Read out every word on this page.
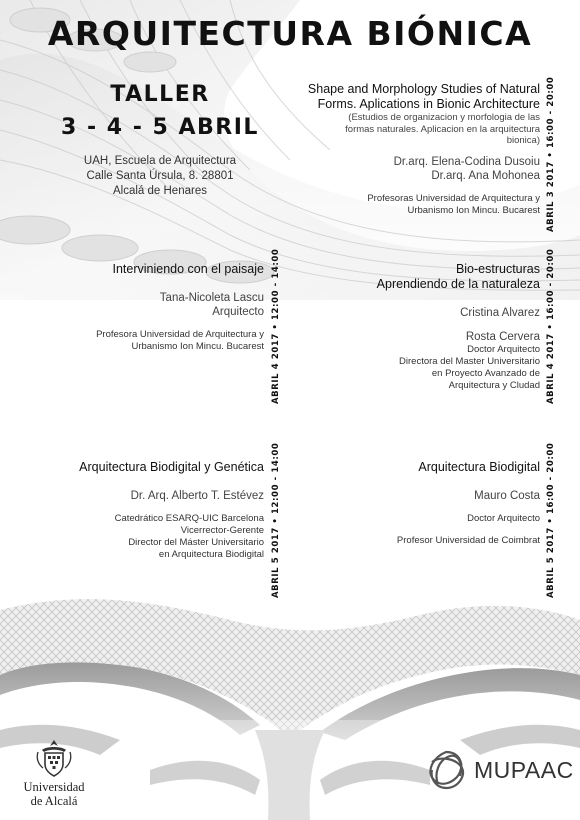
ARQUITECTURA BIÓNICA
TALLER
3 - 4 - 5 ABRIL
UAH, Escuela de Arquitectura
Calle Santa Úrsula, 8. 28801
Alcalá de Henares
Shape and Morphology Studies of Natural
Forms. Aplications in Bionic Architecture
(Estudios de organizacion y morfologia de las
formas naturales. Aplicacion en la arquitectura
bionica)
Dr.arq. Elena-Codina Dusoiu
Dr.arq. Ana Mohonea
Profesoras Universidad de Arquitectura y
Urbanismo Ion Mincu. Bucarest ABRIL 3 2017 • 16:00 - 20:00
Interviniendo con el paisaje
Tana-Nicoleta Lascu
Arquitecto
Profesora Universidad de Arquitectura y
Urbanismo Ion Mincu. Bucarest ABRIL 4 2017 • 12:00 - 14:00	Bio-estructuras
Aprendiendo de la naturaleza
Cristina Alvarez
Rosta Cervera
Doctor Arquitecto
Directora del Master Universitario
en Proyecto Avanzado de
Arquitectura y Cludad ABRIL 4 2017 • 16:00 - 20:00
Arquitectura Biodigital y Genética
Dr. Arq. Alberto T. Estévez
Catedrático ESARQ-UIC Barcelona
Vicerrector-Gerente
Director del Máster Universitario
en Arquitectura Biodigital ABRIL 5 2017 • 12:00 - 14:00	Arquitectura Biodigital
Mauro Costa
Doctor Arquitecto
Profesor Universidad de Coimbrat ABRIL 5 2017 • 16:00 - 20:00
Universidad
de Alcalá
MUPAAC
